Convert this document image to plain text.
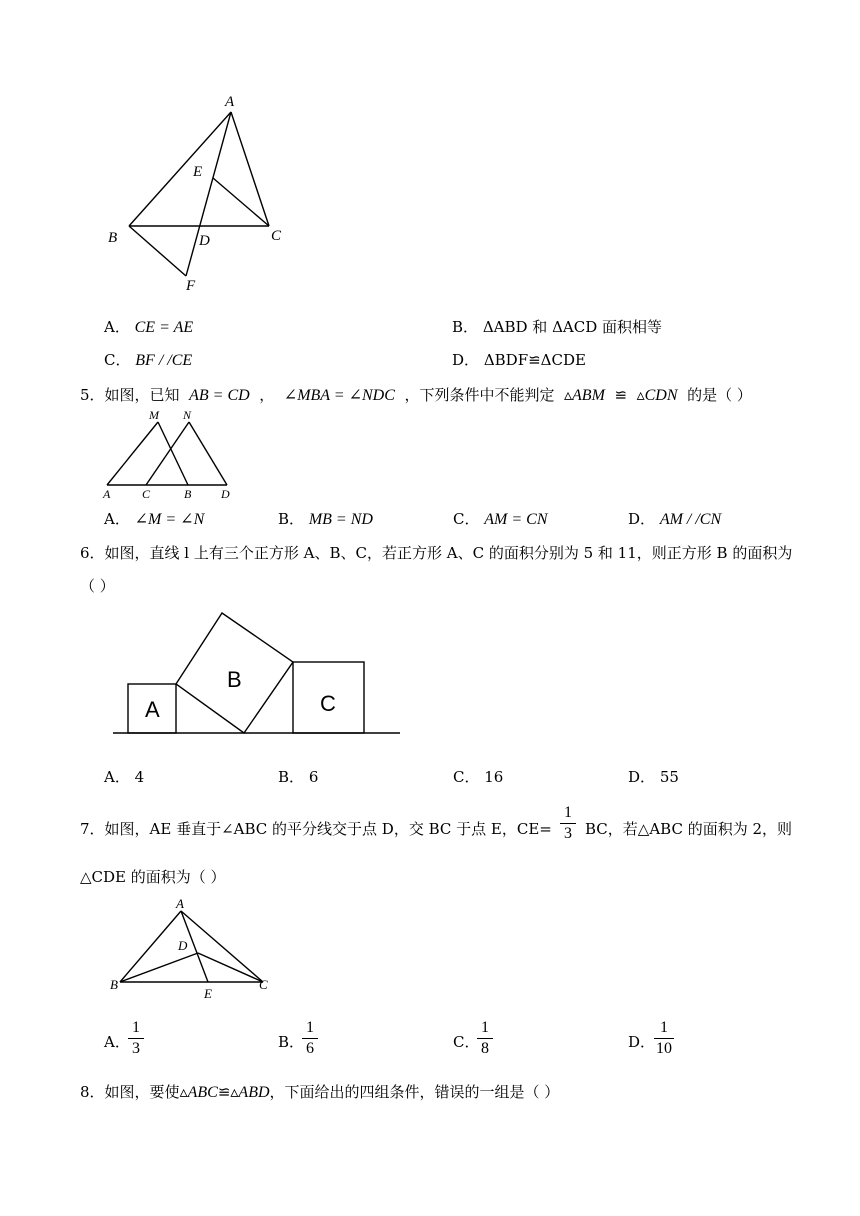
A
E
B	D	C
F
A． CE = AE	B． ΔABD 和 ΔACD 面积相等
C． BF / /CE	D． ΔBDF≌ΔCDE
5．如图，已知 AB = CD ， ∠MBA = ∠NDC ，下列条件中不能判定 ▵ABM ≌ ▵CDN 的是（ ）
M N
A	C	B D
A． ∠M = ∠N	B． MB = ND	C． AM = CN	D． AM / /CN
6．如图，直线 l 上有三个正方形 A、B、C，若正方形 A、C 的面积分别为 5 和 11，则正方形 B 的面积为
（ ）
A
B
C
A． 4	B． 6	C． 16	D． 55
7．如图，AE 垂直于∠ABC 的平分线交于点 D，交 BC 于点 E，CE=
1
3 BC，若△ABC 的面积为 2，则
△CDE 的面积为（ ）
A
D
B
E
C
A．
1
3	B．
1
6	C．
1
8	D．
1
10
8．如图，要使▵ABC≌▵ABD，下面给出的四组条件，错误的一组是（ ）
